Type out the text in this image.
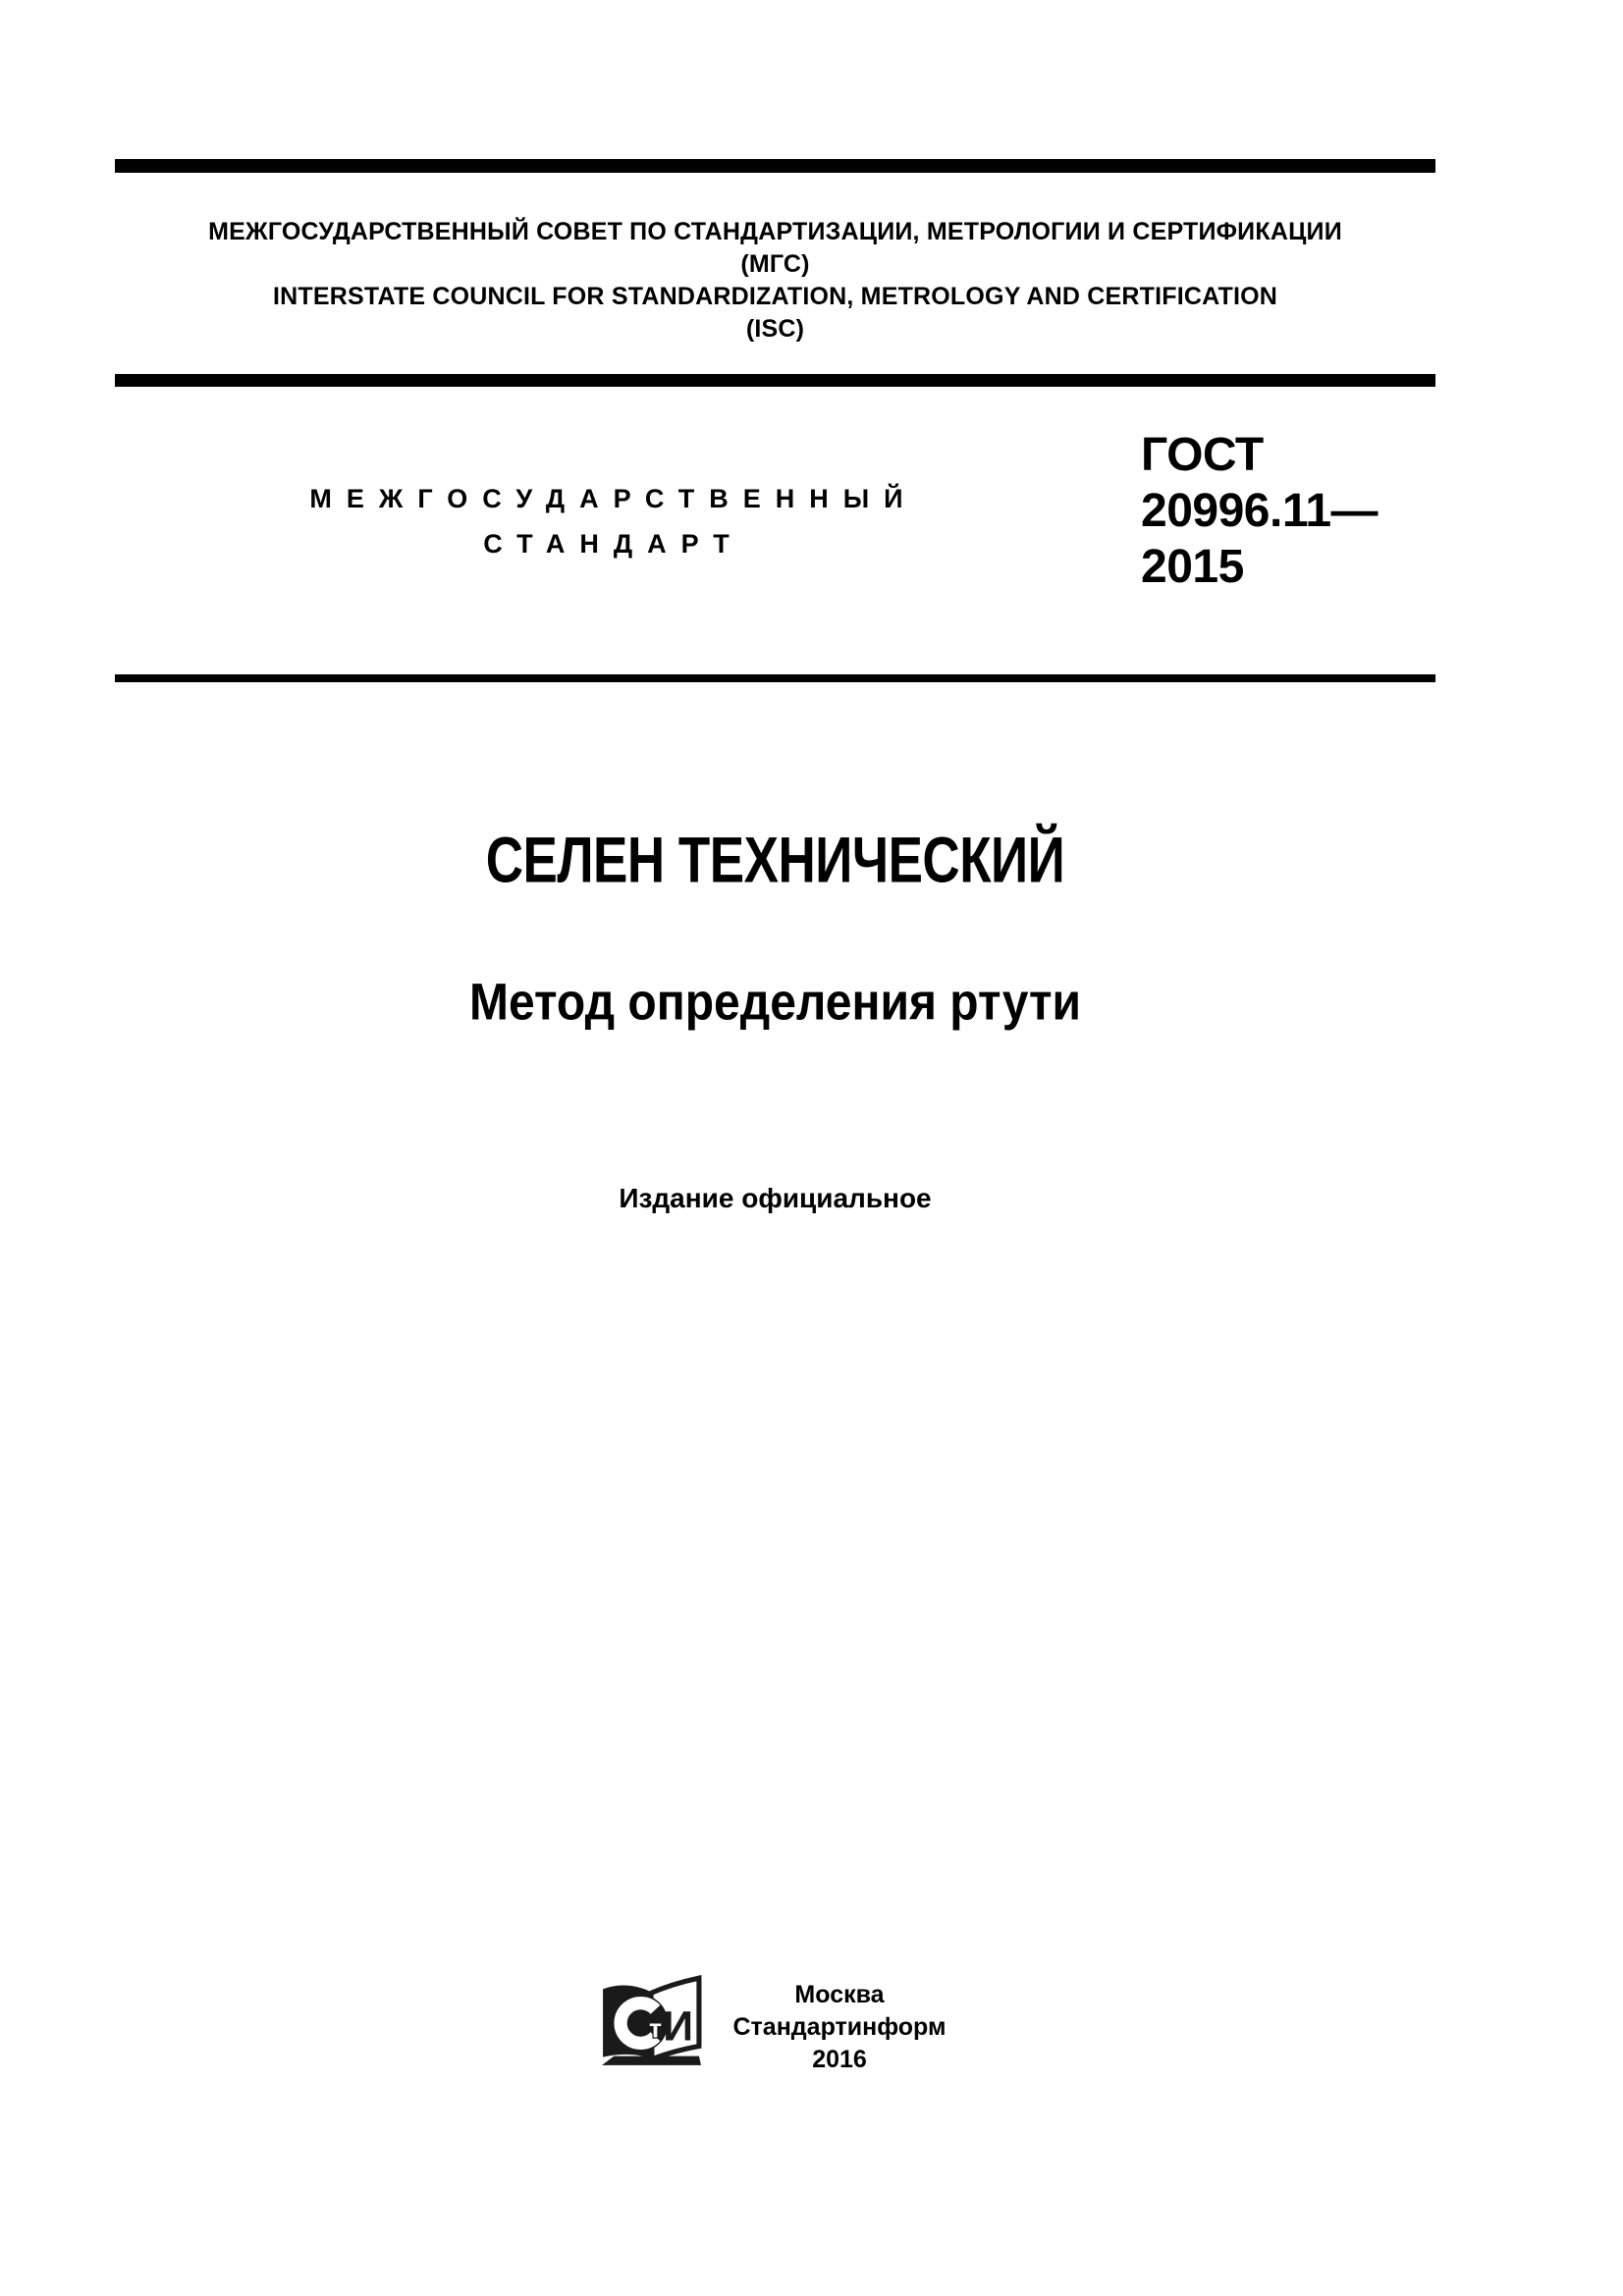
МЕЖГОСУДАРСТВЕННЫЙ СОВЕТ ПО СТАНДАРТИЗАЦИИ, МЕТРОЛОГИИ И СЕРТИФИКАЦИИ
(МГС)
INTERSTATE COUNCIL FOR STANDARDIZATION, METROLOGY AND CERTIFICATION
(ISC)
МЕЖГОСУДАРСТВЕННЫЙ
СТАНДАРТ
ГОСТ
20996.11—
2015
СЕЛЕН ТЕХНИЧЕСКИЙ
Метод определения ртути
Издание официальное
т И
Москва
Стандартинформ
2016
